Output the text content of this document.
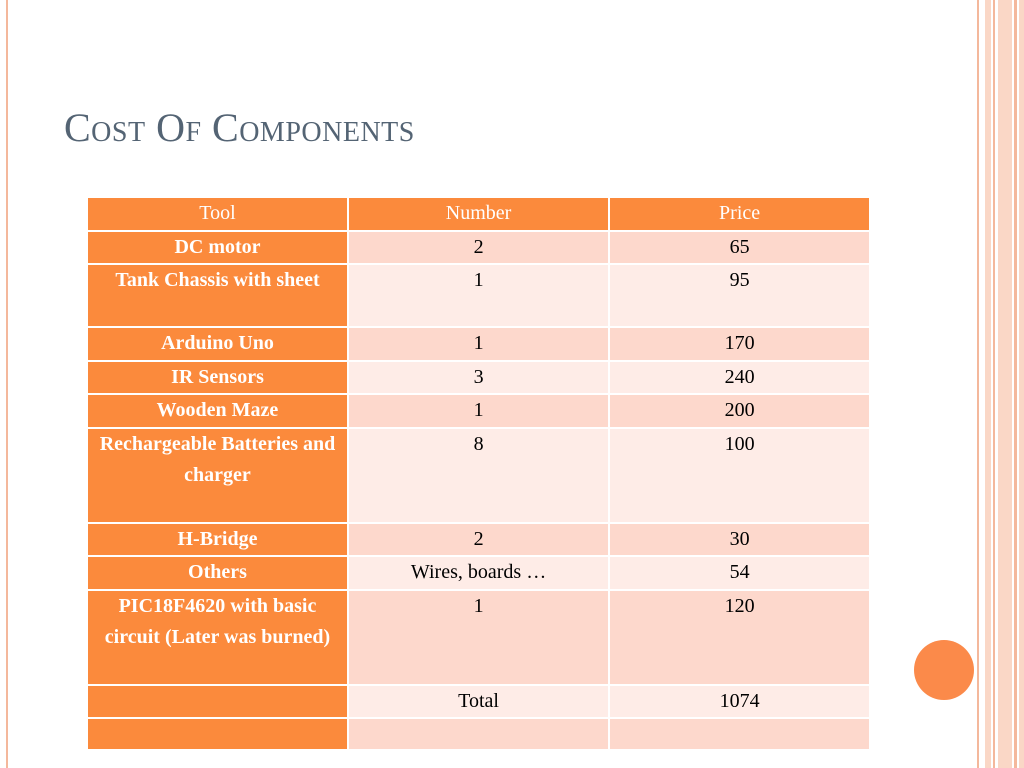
Cost Of Components
Tool	Number	Price
DC motor	2	65
Tank Chassis with sheet	1	95
Arduino Uno	1	170
IR Sensors	3	240
Wooden Maze	1	200
Rechargeable Batteries and charger	8	100
H-Bridge	2	30
Others	Wires, boards …	54
PIC18F4620 with basic circuit (Later was burned)	1	120
	Total	1074
